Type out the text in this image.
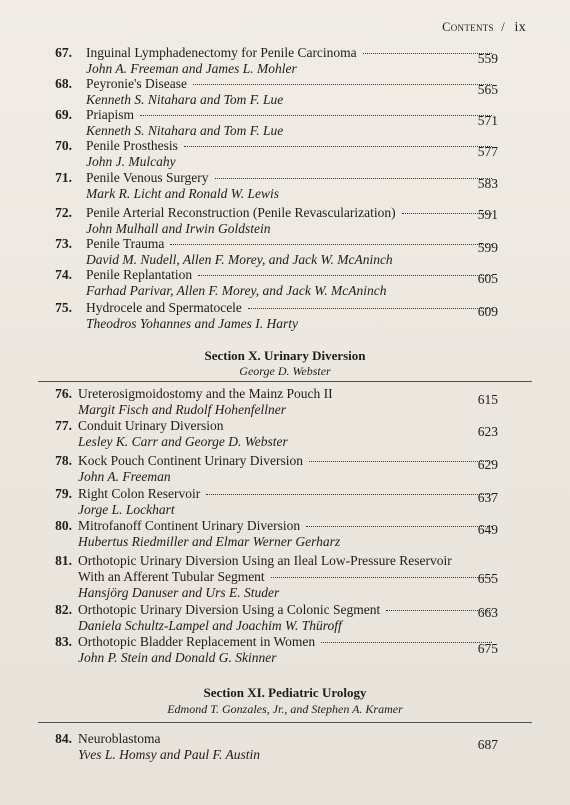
Contents / ix
67. Inguinal Lymphadenectomy for Penile Carcinoma	559
John A. Freeman and James L. Mohler
68. Peyronie's Disease	565
Kenneth S. Nitahara and Tom F. Lue
69. Priapism	571
Kenneth S. Nitahara and Tom F. Lue
70. Penile Prosthesis	577
John J. Mulcahy
71. Penile Venous Surgery	583
Mark R. Licht and Ronald W. Lewis
72. Penile Arterial Reconstruction (Penile Revascularization)	591
John Mulhall and Irwin Goldstein
73. Penile Trauma	599
David M. Nudell, Allen F. Morey, and Jack W. McAninch
74. Penile Replantation	605
Farhad Parivar, Allen F. Morey, and Jack W. McAninch
75. Hydrocele and Spermatocele	609
Theodros Yohannes and James I. Harty
Section X. Urinary Diversion
George D. Webster
76. Ureterosigmoidostomy and the Mainz Pouch II	615
Margit Fisch and Rudolf Hohenfellner
77. Conduit Urinary Diversion	623
Lesley K. Carr and George D. Webster
78. Kock Pouch Continent Urinary Diversion	629
John A. Freeman
79. Right Colon Reservoir	637
Jorge L. Lockhart
80. Mitrofanoff Continent Urinary Diversion	649
Hubertus Riedmiller and Elmar Werner Gerharz
81. Orthotopic Urinary Diversion Using an Ileal Low-Pressure Reservoir
With an Afferent Tubular Segment	655
Hansjörg Danuser and Urs E. Studer
82. Orthotopic Urinary Diversion Using a Colonic Segment	663
Daniela Schultz-Lampel and Joachim W. Thüroff
83. Orthotopic Bladder Replacement in Women	675
John P. Stein and Donald G. Skinner
Section XI. Pediatric Urology
Edmond T. Gonzales, Jr., and Stephen A. Kramer
84. Neuroblastoma	687
Yves L. Homsy and Paul F. Austin
